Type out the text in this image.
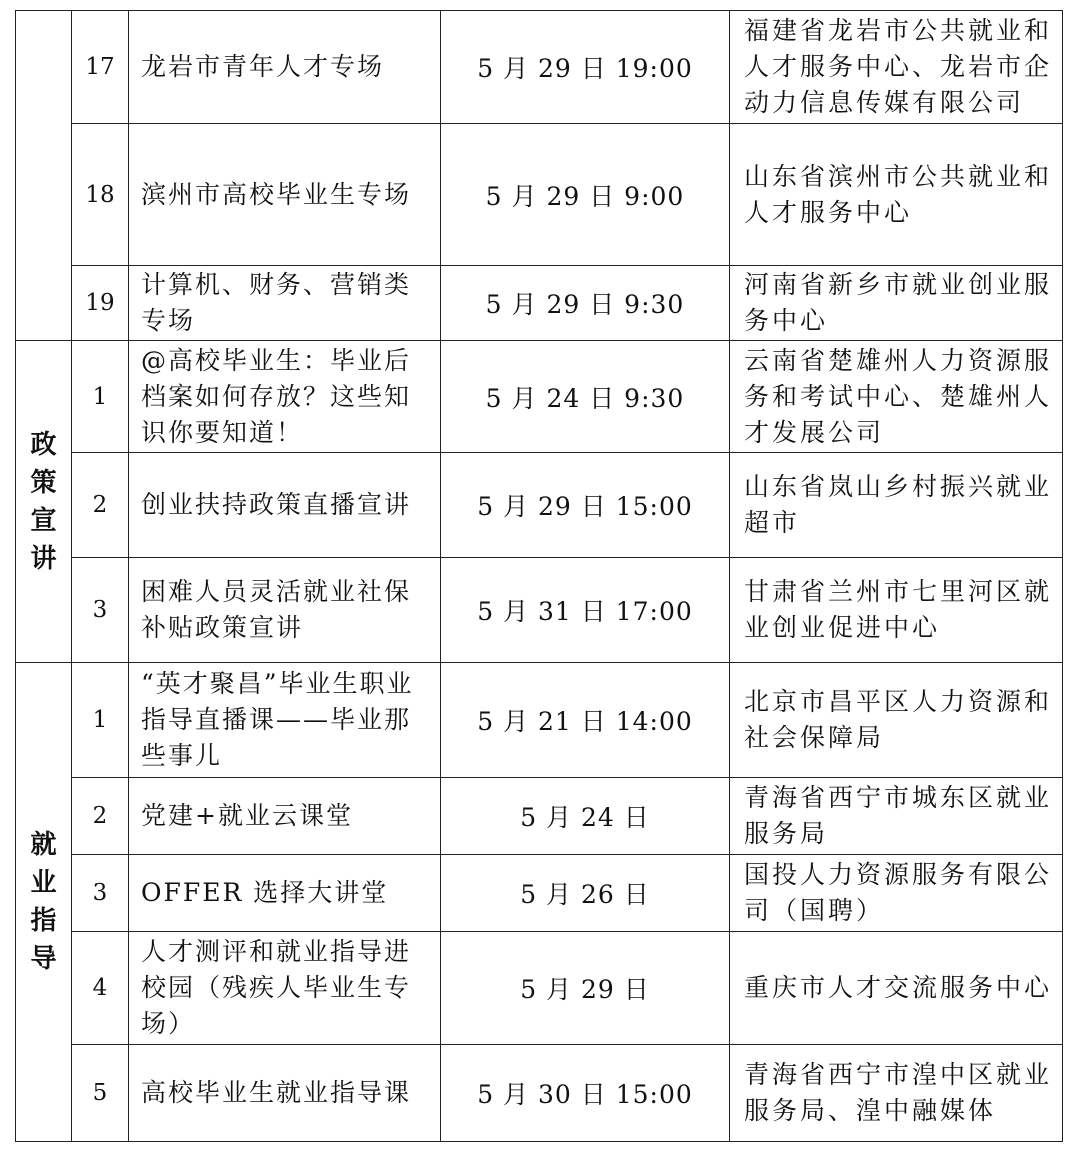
	17	龙岩市青年人才专场	5 月 29 日 19:00	福建省龙岩市公共就业和人才服务中心、龙岩市企动力信息传媒有限公司
	18	滨州市高校毕业生专场	5 月 29 日 9:00	山东省滨州市公共就业和人才服务中心
	19	计算机、财务、营销类专场	5 月 29 日 9:30	河南省新乡市就业创业服务中心
政策宣讲	1	@高校毕业生：毕业后档案如何存放？这些知识你要知道！	5 月 24 日 9:30	云南省楚雄州人力资源服务和考试中心、楚雄州人才发展公司
	2	创业扶持政策直播宣讲	5 月 29 日 15:00	山东省岚山乡村振兴就业超市
	3	困难人员灵活就业社保补贴政策宣讲	5 月 31 日 17:00	甘肃省兰州市七里河区就业创业促进中心
就业指导	1	“英才聚昌”毕业生职业指导直播课——毕业那些事儿	5 月 21 日 14:00	北京市昌平区人力资源和社会保障局
	2	党建+就业云课堂	5 月 24 日	青海省西宁市城东区就业服务局
	3	OFFER 选择大讲堂	5 月 26 日	国投人力资源服务有限公司（国聘）
	4	人才测评和就业指导进校园（残疾人毕业生专场）	5 月 29 日	重庆市人才交流服务中心
	5	高校毕业生就业指导课	5 月 30 日 15:00	青海省西宁市湟中区就业服务局、湟中融媒体
